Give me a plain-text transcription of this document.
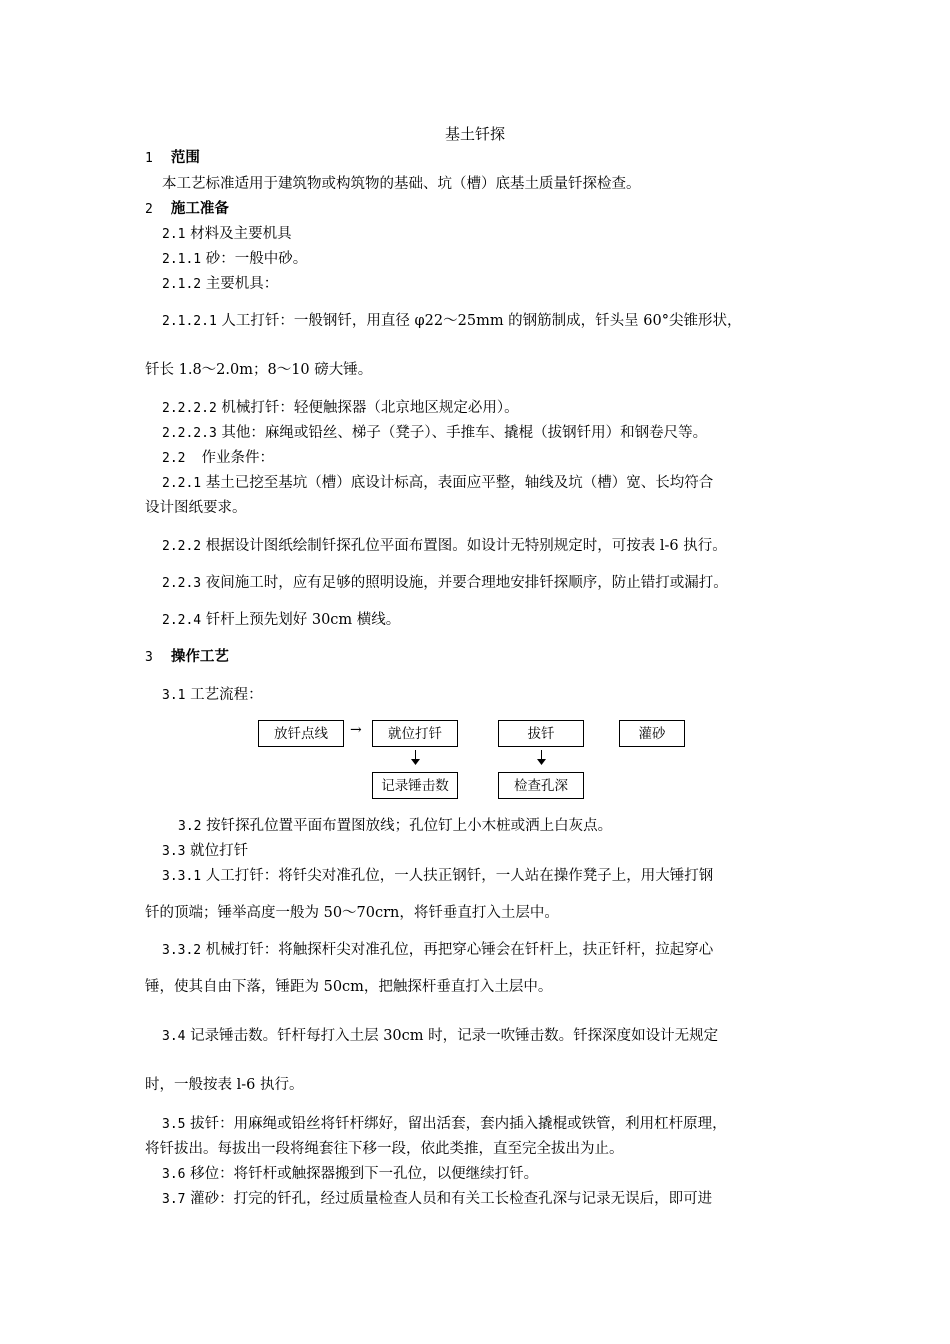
基土钎探
1 范围
本工艺标准适用于建筑物或构筑物的基础、坑（槽）底基土质量钎探检查。
2 施工准备
2.1 材料及主要机具
2.1.1 砂：一般中砂。
2.1.2 主要机具：
2.1.2.1 人工打钎：一般钢钎，用直径 φ22～25mm 的钢筋制成，钎头呈 60°尖锥形状，
钎长 1.8～2.0m；8～10 磅大锤。
2.2.2.2 机械打钎：轻便触探器（北京地区规定必用）。
2.2.2.3 其他：麻绳或铅丝、梯子（凳子）、手推车、撬棍（拔钢钎用）和钢卷尺等。
2.2 作业条件：
2.2.1 基土已挖至基坑（槽）底设计标高，表面应平整，轴线及坑（槽）宽、长均符合
设计图纸要求。
2.2.2 根据设计图纸绘制钎探孔位平面布置图。如设计无特别规定时，可按表 l-6 执行。
2.2.3 夜间施工时，应有足够的照明设施，并要合理地安排钎探顺序，防止错打或漏打。
2.2.4 钎杆上预先划好 30cm 横线。
3 操作工艺
3.1 工艺流程：
放钎点线	→	就位打钎	拔钎	灌砂
记录锤击数	检查孔深
3.2 按钎探孔位置平面布置图放线；孔位钉上小木桩或洒上白灰点。
3.3 就位打钎
3.3.1 人工打钎：将钎尖对准孔位，一人扶正钢钎，一人站在操作凳子上，用大锤打钢
钎的顶端；锤举高度一般为 50～70crn，将钎垂直打入土层中。
3.3.2 机械打钎：将触探杆尖对准孔位，再把穿心锤会在钎杆上，扶正钎杆，拉起穿心
锤，使其自由下落，锤距为 50cm，把触探杆垂直打入土层中。
3.4 记录锤击数。钎杆每打入土层 30cm 时，记录一吹锤击数。钎探深度如设计无规定
时，一般按表 l-6 执行。
3.5 拔钎：用麻绳或铅丝将钎杆绑好，留出活套，套内插入撬棍或铁管，利用杠杆原理，
将钎拔出。每拔出一段将绳套往下移一段，依此类推，直至完全拔出为止。
3.6 移位：将钎杆或触探器搬到下一孔位，以便继续打钎。
3.7 灌砂：打完的钎孔，经过质量检查人员和有关工长检查孔深与记录无误后，即可进
